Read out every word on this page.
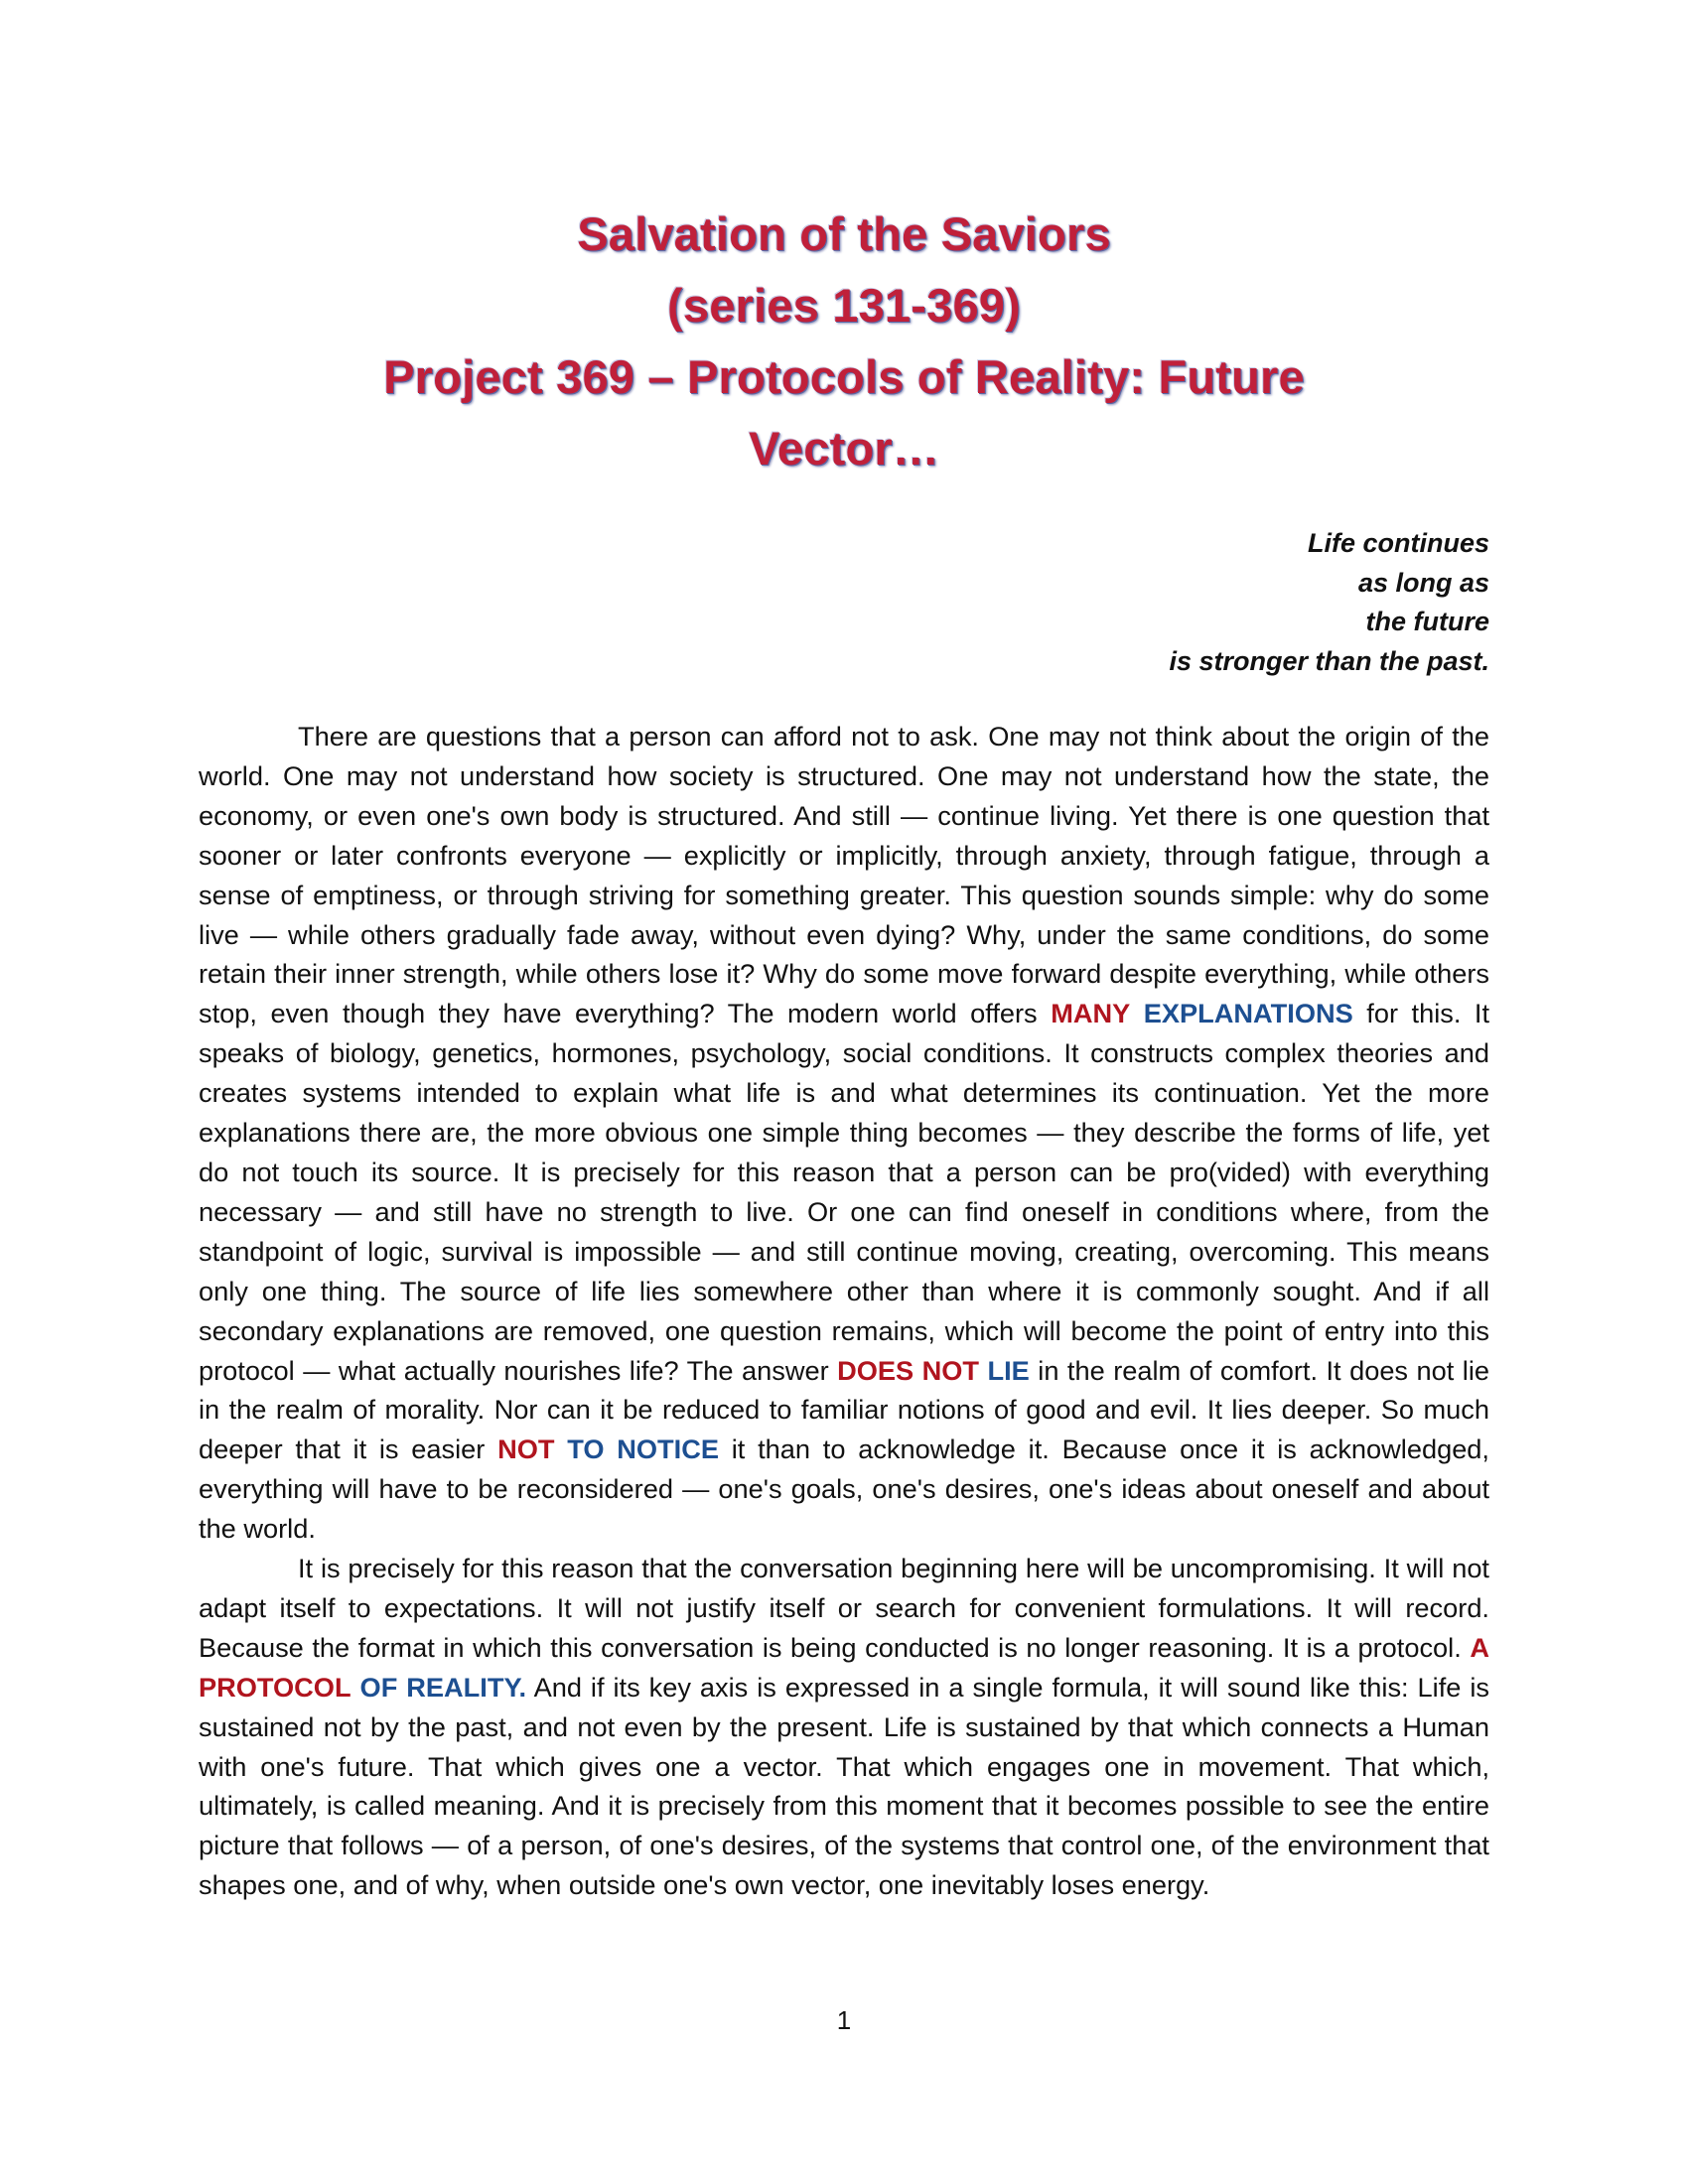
Salvation of the Saviors
(series 131-369)
Project 369 – Protocols of Reality: Future
Vector…
Life continues
as long as
the future
is stronger than the past.

There are questions that a person can afford not to ask. One may not think about the origin of the world. One may not understand how society is structured. One may not understand how the state, the economy, or even one's own body is structured. And still — continue living. Yet there is one question that sooner or later confronts everyone — explicitly or implicitly, through anxiety, through fatigue, through a sense of emptiness, or through striving for something greater. This question sounds simple: why do some live — while others gradually fade away, without even dying? Why, under the same conditions, do some retain their inner strength, while others lose it? Why do some move forward despite everything, while others stop, even though they have everything? The modern world offers MANY EXPLANATIONS for this. It speaks of biology, genetics, hormones, psychology, social conditions. It constructs complex theories and creates systems intended to explain what life is and what determines its continuation. Yet the more explanations there are, the more obvious one simple thing becomes — they describe the forms of life, yet do not touch its source. It is precisely for this reason that a person can be pro(vided) with everything necessary — and still have no strength to live. Or one can find oneself in conditions where, from the standpoint of logic, survival is impossible — and still continue moving, creating, overcoming. This means only one thing. The source of life lies somewhere other than where it is commonly sought. And if all secondary explanations are removed, one question remains, which will become the point of entry into this protocol — what actually nourishes life? The answer DOES NOT LIE in the realm of comfort. It does not lie in the realm of morality. Nor can it be reduced to familiar notions of good and evil. It lies deeper. So much deeper that it is easier NOT TO NOTICE it than to acknowledge it. Because once it is acknowledged, everything will have to be reconsidered — one's goals, one's desires, one's ideas about oneself and about the world.

It is precisely for this reason that the conversation beginning here will be uncompromising. It will not adapt itself to expectations. It will not justify itself or search for convenient formulations. It will record. Because the format in which this conversation is being conducted is no longer reasoning. It is a protocol. A PROTOCOL OF REALITY. And if its key axis is expressed in a single formula, it will sound like this: Life is sustained not by the past, and not even by the present. Life is sustained by that which connects a Human with one's future. That which gives one a vector. That which engages one in movement. That which, ultimately, is called meaning. And it is precisely from this moment that it becomes possible to see the entire picture that follows — of a person, of one's desires, of the systems that control one, of the environment that shapes one, and of why, when outside one's own vector, one inevitably loses energy.

1
